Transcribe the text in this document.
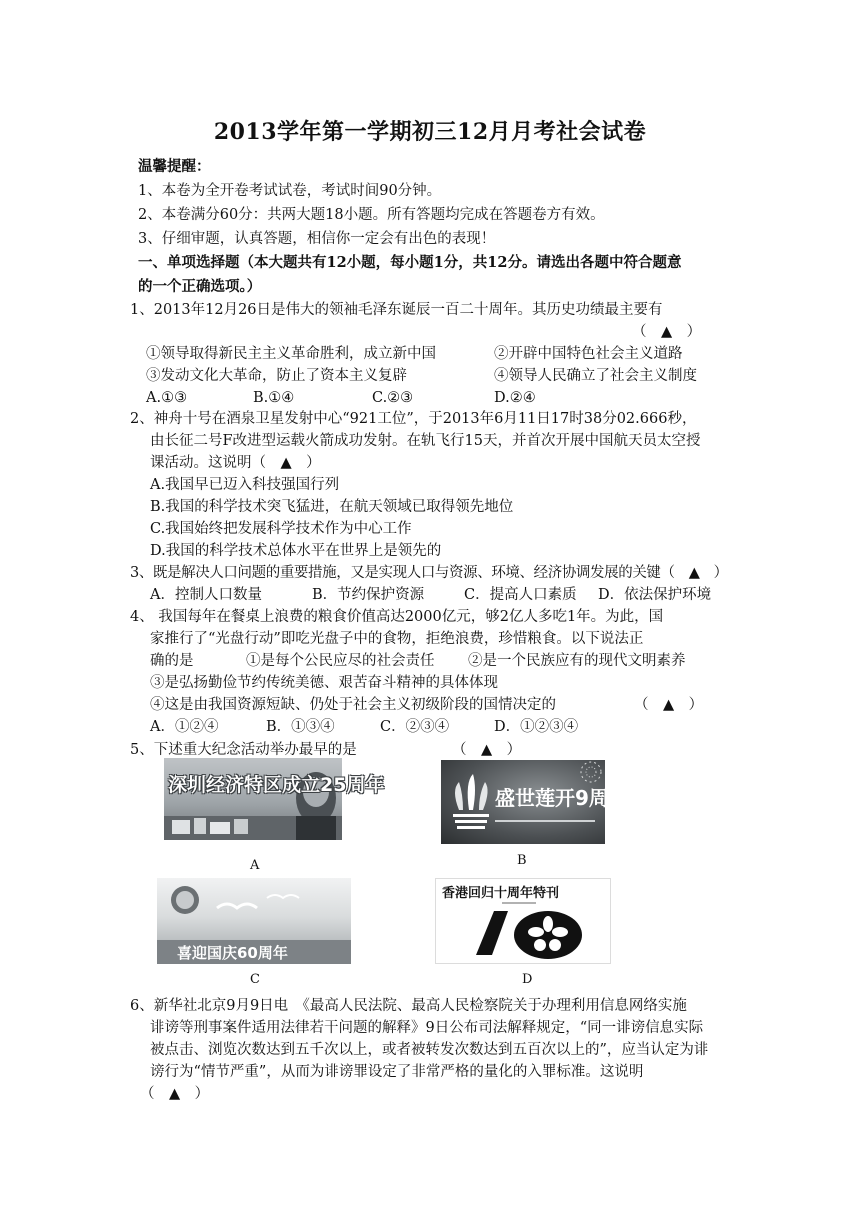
2013学年第一学期初三12月月考社会试卷
温馨提醒：
1、本卷为全开卷考试试卷，考试时间90分钟。
2、本卷满分60分：共两大题18小题。所有答题均完成在答题卷方有效。
3、仔细审题，认真答题，相信你一定会有出色的表现！
一、单项选择题（本大题共有12小题，每小题1分，共12分。请选出各题中符合题意
的一个正确选项。）
1、2013年12月26日是伟大的领袖毛泽东诞辰一百二十周年。其历史功绩最主要有
（　▲　）
①领导取得新民主主义革命胜利，成立新中国	②开辟中国特色社会主义道路
③发动文化大革命，防止了资本主义复辟	④领导人民确立了社会主义制度
A.①③	B.①④	C.②③	D.②④
2、神舟十号在酒泉卫星发射中心“921工位”，于2013年6月11日17时38分02.666秒，
由长征二号F改进型运载火箭成功发射。在轨飞行15天，并首次开展中国航天员太空授
课活动。这说明（　▲　）
A.我国早已迈入科技强国行列
B.我国的科学技术突飞猛进，在航天领域已取得领先地位
C.我国始终把发展科学技术作为中心工作
D.我国的科学技术总体水平在世界上是领先的
3、既是解决人口问题的重要措施，又是实现人口与资源、环境、经济协调发展的关键（　▲　）
A．控制人口数量	B．节约保护资源	C．提高人口素质 D．依法保护环境
4、 我国每年在餐桌上浪费的粮食价值高达2000亿元，够2亿人多吃1年。为此，国
家推行了“光盘行动”即吃光盘子中的食物，拒绝浪费，珍惜粮食。以下说法正
确的是	①是每个公民应尽的社会责任 ②是一个民族应有的现代文明素养
③是弘扬勤俭节约传统美德、艰苦奋斗精神的具体体现
④这是由我国资源短缺、仍处于社会主义初级阶段的国情决定的	（　▲　）
A．①②④	B．①③④	C．②③④	D．①②③④
5、下述重大纪念活动举办最早的是	（　▲　）
深圳经济特区成立25周年
A
盛世莲开9周年
B
喜迎国庆60周年
C
香港回归十周年特刊
D
6、新华社北京9月9日电　《最高人民法院、最高人民检察院关于办理利用信息网络实施
诽谤等刑事案件适用法律若干问题的解释》9日公布司法解释规定，“同一诽谤信息实际
被点击、浏览次数达到五千次以上，或者被转发次数达到五百次以上的”，应当认定为诽
谤行为“情节严重”，从而为诽谤罪设定了非常严格的量化的入罪标准。这说明
（　▲　）
